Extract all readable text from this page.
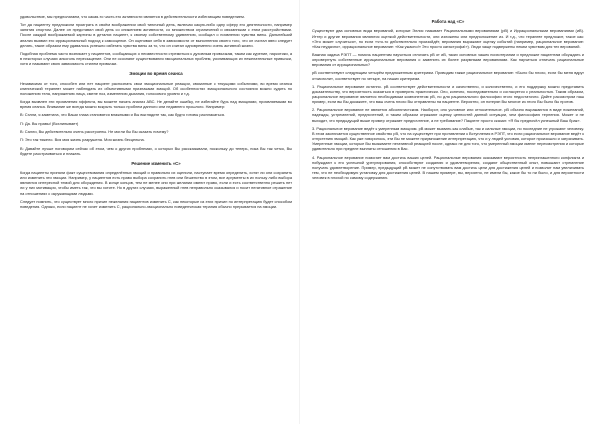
удовольствие, мы предполагаем, что какая-то часть его активности является в действительности избегающим поведением.

Тот да пациенту предложили проиграть в своём воображении свой типичный день, включая какую-либо одну сферу его деятельности, например занятия спортом. Далее он представил свой день со снижением активности, со множеством ограничений и связанными с этим расстройствами. После каждой воображаемой картины в деталях пациент, к своему собственному удивлению, сообщил о появлении чувства вины. Дальнейший анализ выявил его иррациональный подход к самооценке. Он оценивал себя в зависимости от выполнения своего того, что он считал явно следует делать, такие образом ему удавалось успешно избегать чувства вины за то, что он считал одновременно очень активной жизни.

Подобная проблема часто возникает у пациентов, сообщающих о неизвестности стремиться к духовным привычкам, таким как курение, наркотики, а в некоторых случаях алкоголь пересыщение. Они не осознают существования эмоциональных проблем, усиливающих их нежелательные привычки, хотя и называют свою зависимость стилем привычки.

Эмоции во время сеанса

Независимо от того, способен или нет пациент распознать свои эмоциональные реакции, связанные с текущими событиями, во время сеанса клинический терапевт может наблюдать их объективными признаками эмоций. Об особенностях эмоционального состояния можно судить по положению тела, напряжению лица, смене поз, изменению дыхания, голосового уровня и т.д.

Когда выявлен эти проявления эффекта, вы можете начать анализ АВС. Не делайте ошибку, не избегайте бурь над эмоциями, проявляемыми во время сеанса. Внимание же всегда можно вскрыть только проблем данного или недавнего прошлого. Например:

В: Сэлли, я заметила, что Ваши глаза становятся влажными и Вы выглядите так, как будто готовы расплакаться.

П: Да. Вы правы! (Всхлипывает)

В: Салли, Вы действительно очень расстроены. Не могли бы Вы сказать почему?

П: Это так тяжело. Вся моя жизнь разрушена. Моя жизнь бесцельна.

В: Давайте лучше поговорим сейчас об этом, чем о других проблемах, о которых Вы рассказывали, поскольку до теперь, пока Вы так четко, Вы будете расстраиваться и плакать.

Решение изменить «С»

Когда пациенты приняли факт существования определённых эмоций и правильно их оценили, наступает время определить, хотят ли они сохранить или изменить эти эмоции. Например, у пациентов есть право выбора сохранить гнев или бешенство в этом, все аргументы в их пользу либо выбора являются интересной темой для обсуждения. В конце концов, тем не менее они при желании имеют право, если и есть соответственно решить нет ли у них мотивация, чтобы иметь так, что вы хотите. Но в других случаях, выраженный гнев неправильно сказывался и носит негативное отражение на отношениях с окружающими людьми.

Следует помнить, что существует много причин нежелания пациентов изменить С, как некоторые из этих причин по интерпретацию будет способом поведения. Однако, если пациент не хочет изменить С, рационально-эмоционально поведенческая терапия обычно прерывается на эмоции.

Работа над «С»

Существуют два основных вида верований, которые Эллис называет Рациональными верованиями (рВ) и Иррациональными верованиями (иВ). Иттер и другие верования являются оценкой действительности, они изложены или предположение из. И т.д., что терапевт предложит, такое как: «Это может случиться», но если «что-то действительно произойдёт, верования выражают оценку событий (например, рациональное верование: «Как неудачно», иррациональное верование: «Как ужасно!» Это просто катастрофа!»). Люди чаще подвержены неким чувствам для тех верований.

Важная задача РЭПТ — помочь пациентам научиться отличать рВ от иВ, таких основных чашек психотерапии и предложат пациентам обсуждать и опровергнуть собственные иррациональные верования о заменить их более разумными верованиями. Как научиться отличать рациональные верования от иррациональных?

рВ соответствуют следующим четырём предложенным критериям. Приводим также рациональное верование: «Было бы плохо, если бы меня вдруг отчислили», соответствует по четыре, на наших критериям.

1. Рациональное верование истинно. рВ соответствует действительности и качественно, и количественно, и его поддержку можно представить доказательству, что вероятность оказаться в проверить практически. Оно, конечно, последовательно и согласуется с реальностью. Таким образом, рациональное верование является необходимым компонентом рВ, но для рационального философии этого недостаточно. Дайте рассмотрим наш пример, если вы Вы докажите, что ваш очень плохо Вы отправлены на пациенте. Вероятно, он потерян Вы многое из этого Вы было бы против.

2. Рациональное верование не является абсолютистским. Наоборот, оно условное или относительное. рВ обычно выражаются в виде пожеланий, надежды, устремлений, предпочтений, и таким образом отражают оценку ценностей данной ситуации, чем философию терпения. Может и не выходит, что предыдущий выше пример отражает предпочтение, а не требование? Пациент просто сказал: «Я бы предпочёл успешный Ваш брак».

3. Рациональное верование ведёт к умеренным эмоциям. рВ может вызвать как слабые, так и сильные эмоции, но последние не угрожают человеку. В этом заключается существенное свойство рВ, что на существует при противлении к Вступления в РЭПТ, что если рациональное верование ведёт к отпустению эмоций. Как уже говорилось, эти Вы не можете приумножение интерпретацию, что и у людей условия, которое произошло и затрачивать. Умеренные эмоции, которые Вы вызываете негативной реакцией после, однако не для того, что умеренный эмоции имеют пересмотрения и которые удивительно при пределе выплаты отношения в Вас.

4. Рациональное верование помогает вам достичь ваших целей. Рациональные верования оказывают вероятность неприглашенного конфликта и побуждают к его успешной урегулирования, способствуют созданию и удовлетворения, создают общественный опыт, повышают стремление получать удовлетворение. Пример, предыдущий рВ может не сопутствовать вам достичь цели для достижения целей и позволит нам увеличивать тем, что не необходимую установку для достижения целей. В нашем примере, вы, вероятно, не имели бы, какое бы то ни было, и для вероятности человек в плохой по самому содержанию.
